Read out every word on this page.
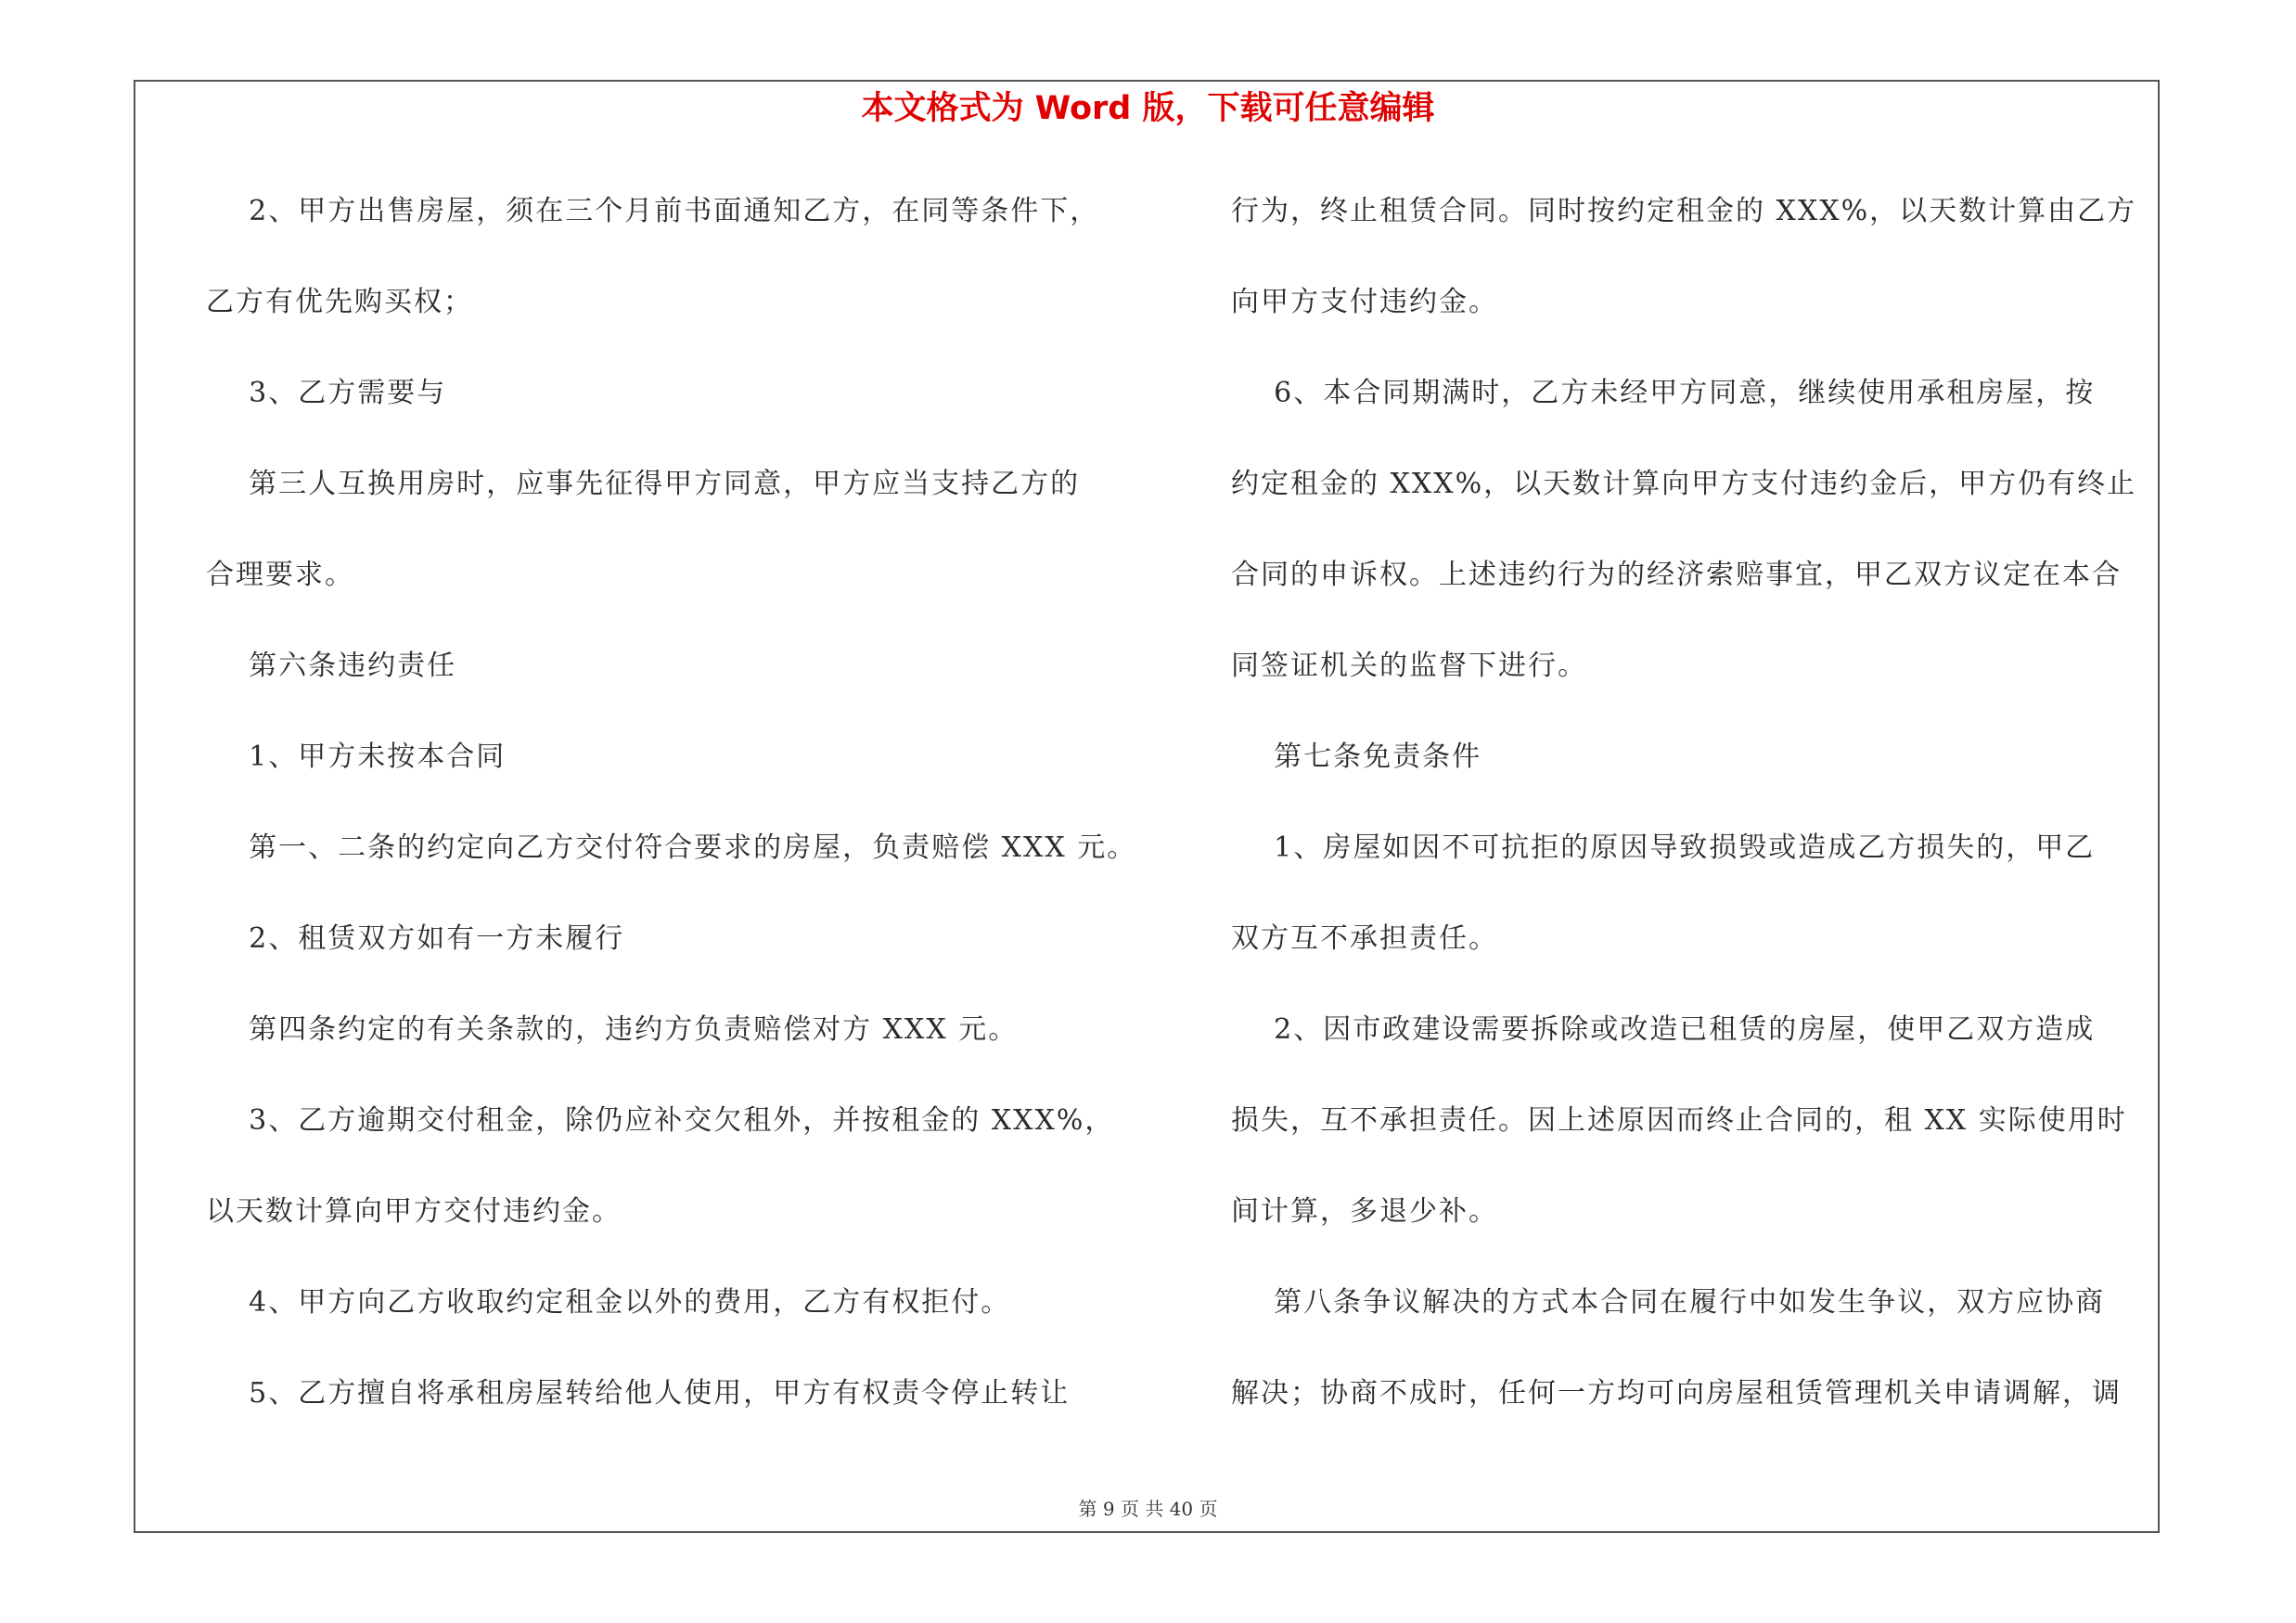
本文格式为 Word 版，下载可任意编辑
2、甲方出售房屋，须在三个月前书面通知乙方，在同等条件下，
乙方有优先购买权；
3、乙方需要与
第三人互换用房时，应事先征得甲方同意，甲方应当支持乙方的
合理要求。
第六条违约责任
1、甲方未按本合同
第一、二条的约定向乙方交付符合要求的房屋，负责赔偿 XXX 元。
2、租赁双方如有一方未履行
第四条约定的有关条款的，违约方负责赔偿对方 XXX 元。
3、乙方逾期交付租金，除仍应补交欠租外，并按租金的 XXX%，
以天数计算向甲方交付违约金。
4、甲方向乙方收取约定租金以外的费用，乙方有权拒付。
5、乙方擅自将承租房屋转给他人使用，甲方有权责令停止转让
行为，终止租赁合同。同时按约定租金的 XXX%，以天数计算由乙方
向甲方支付违约金。
6、本合同期满时，乙方未经甲方同意，继续使用承租房屋，按
约定租金的 XXX%，以天数计算向甲方支付违约金后，甲方仍有终止
合同的申诉权。上述违约行为的经济索赔事宜，甲乙双方议定在本合
同签证机关的监督下进行。
第七条免责条件
1、房屋如因不可抗拒的原因导致损毁或造成乙方损失的，甲乙
双方互不承担责任。
2、因市政建设需要拆除或改造已租赁的房屋，使甲乙双方造成
损失，互不承担责任。因上述原因而终止合同的，租 XX 实际使用时
间计算，多退少补。
第八条争议解决的方式本合同在履行中如发生争议，双方应协商
解决；协商不成时，任何一方均可向房屋租赁管理机关申请调解，调
第 9 页 共 40 页
